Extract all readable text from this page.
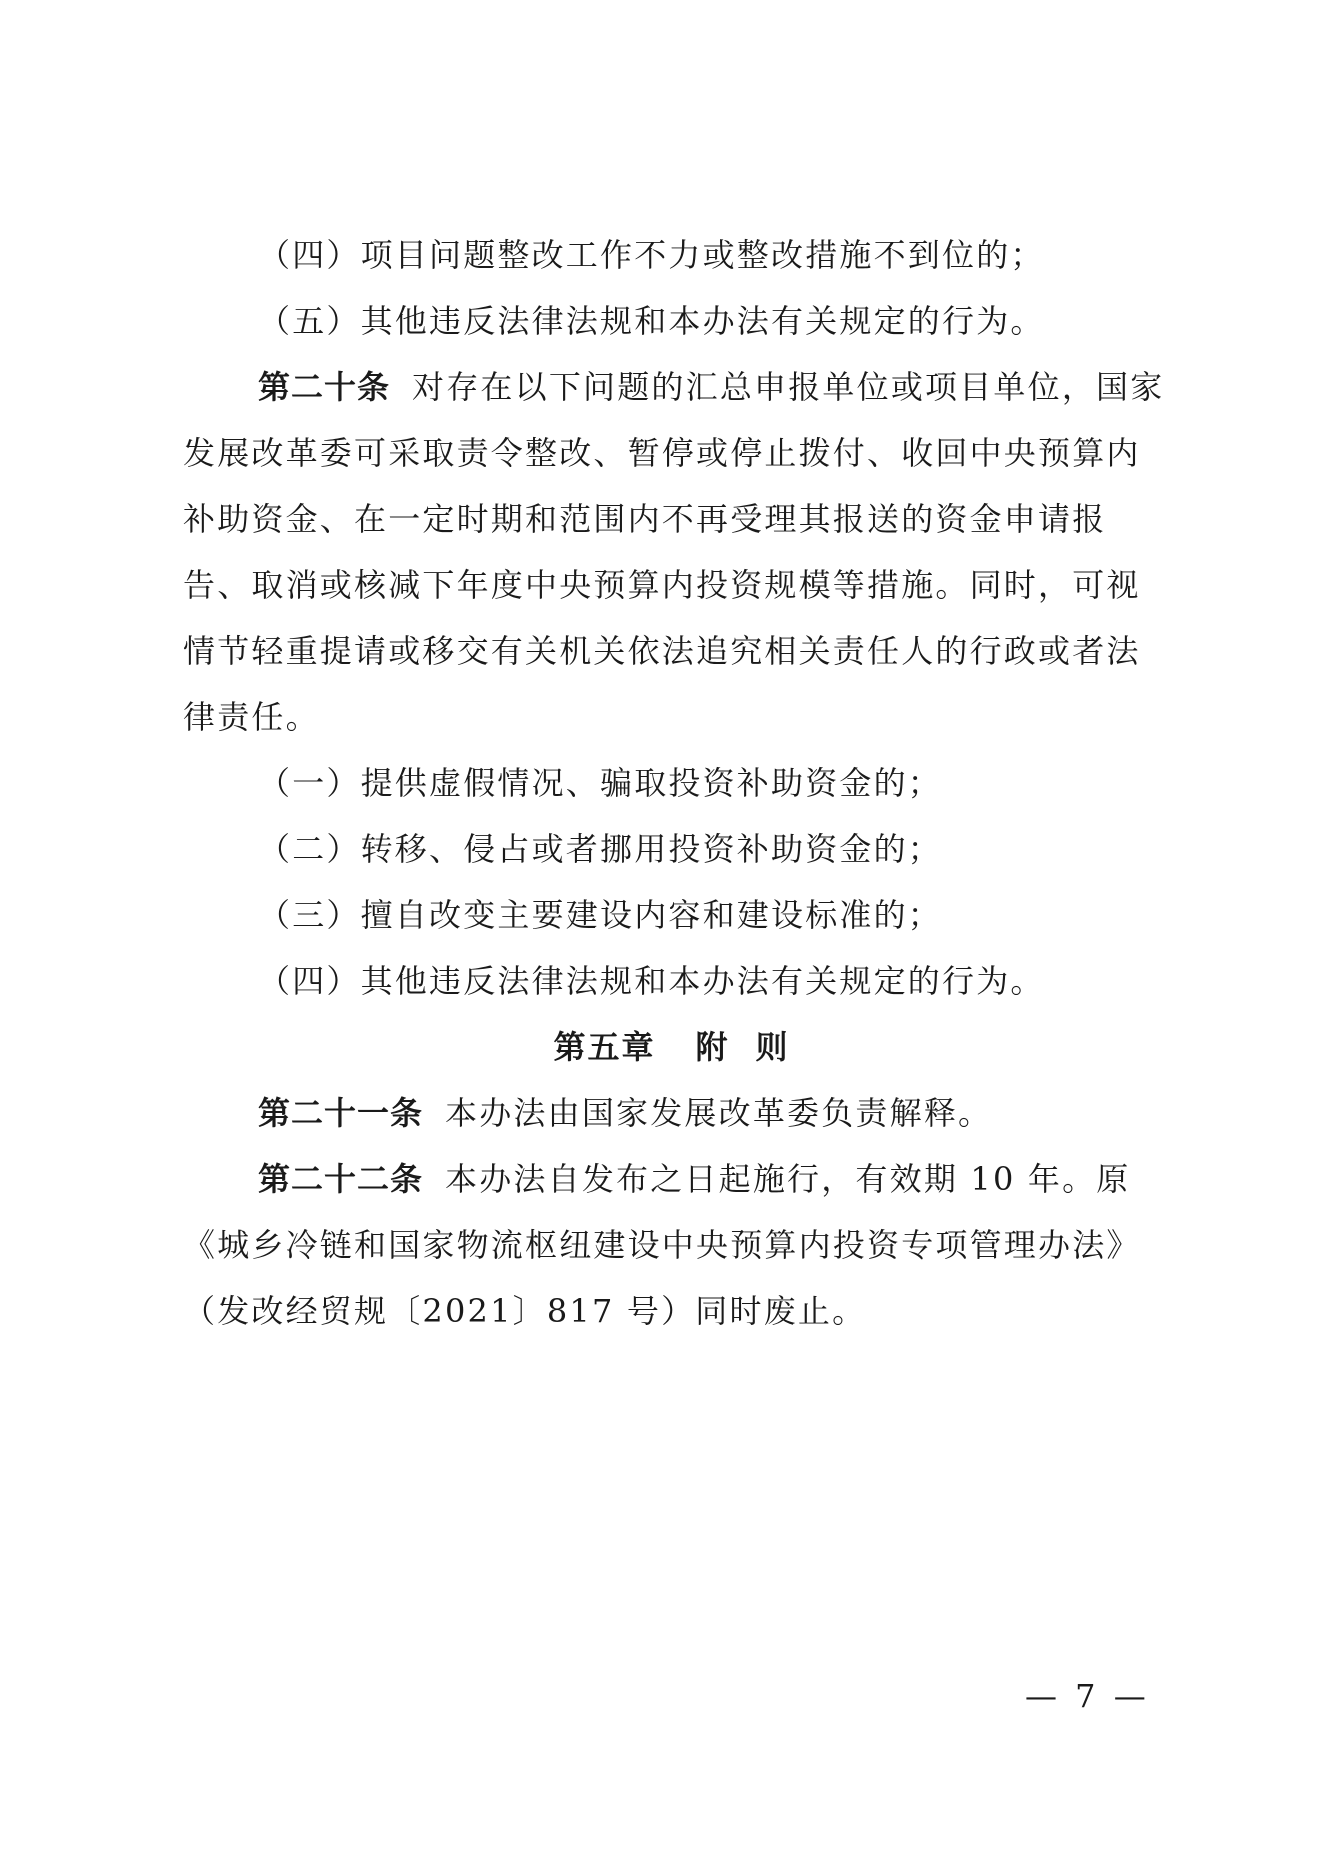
（四）项目问题整改工作不力或整改措施不到位的；
（五）其他违反法律法规和本办法有关规定的行为。
第二十条 对存在以下问题的汇总申报单位或项目单位，国家
发展改革委可采取责令整改、暂停或停止拨付、收回中央预算内
补助资金、在一定时期和范围内不再受理其报送的资金申请报
告、取消或核减下年度中央预算内投资规模等措施。同时，可视
情节轻重提请或移交有关机关依法追究相关责任人的行政或者法
律责任。
（一）提供虚假情况、骗取投资补助资金的；
（二）转移、侵占或者挪用投资补助资金的；
（三）擅自改变主要建设内容和建设标准的；
（四）其他违反法律法规和本办法有关规定的行为。
第五章 附 则
第二十一条 本办法由国家发展改革委负责解释。
第二十二条 本办法自发布之日起施行，有效期 10 年。原
《城乡冷链和国家物流枢纽建设中央预算内投资专项管理办法》
（发改经贸规〔2021〕817 号）同时废止。
— 7 —
